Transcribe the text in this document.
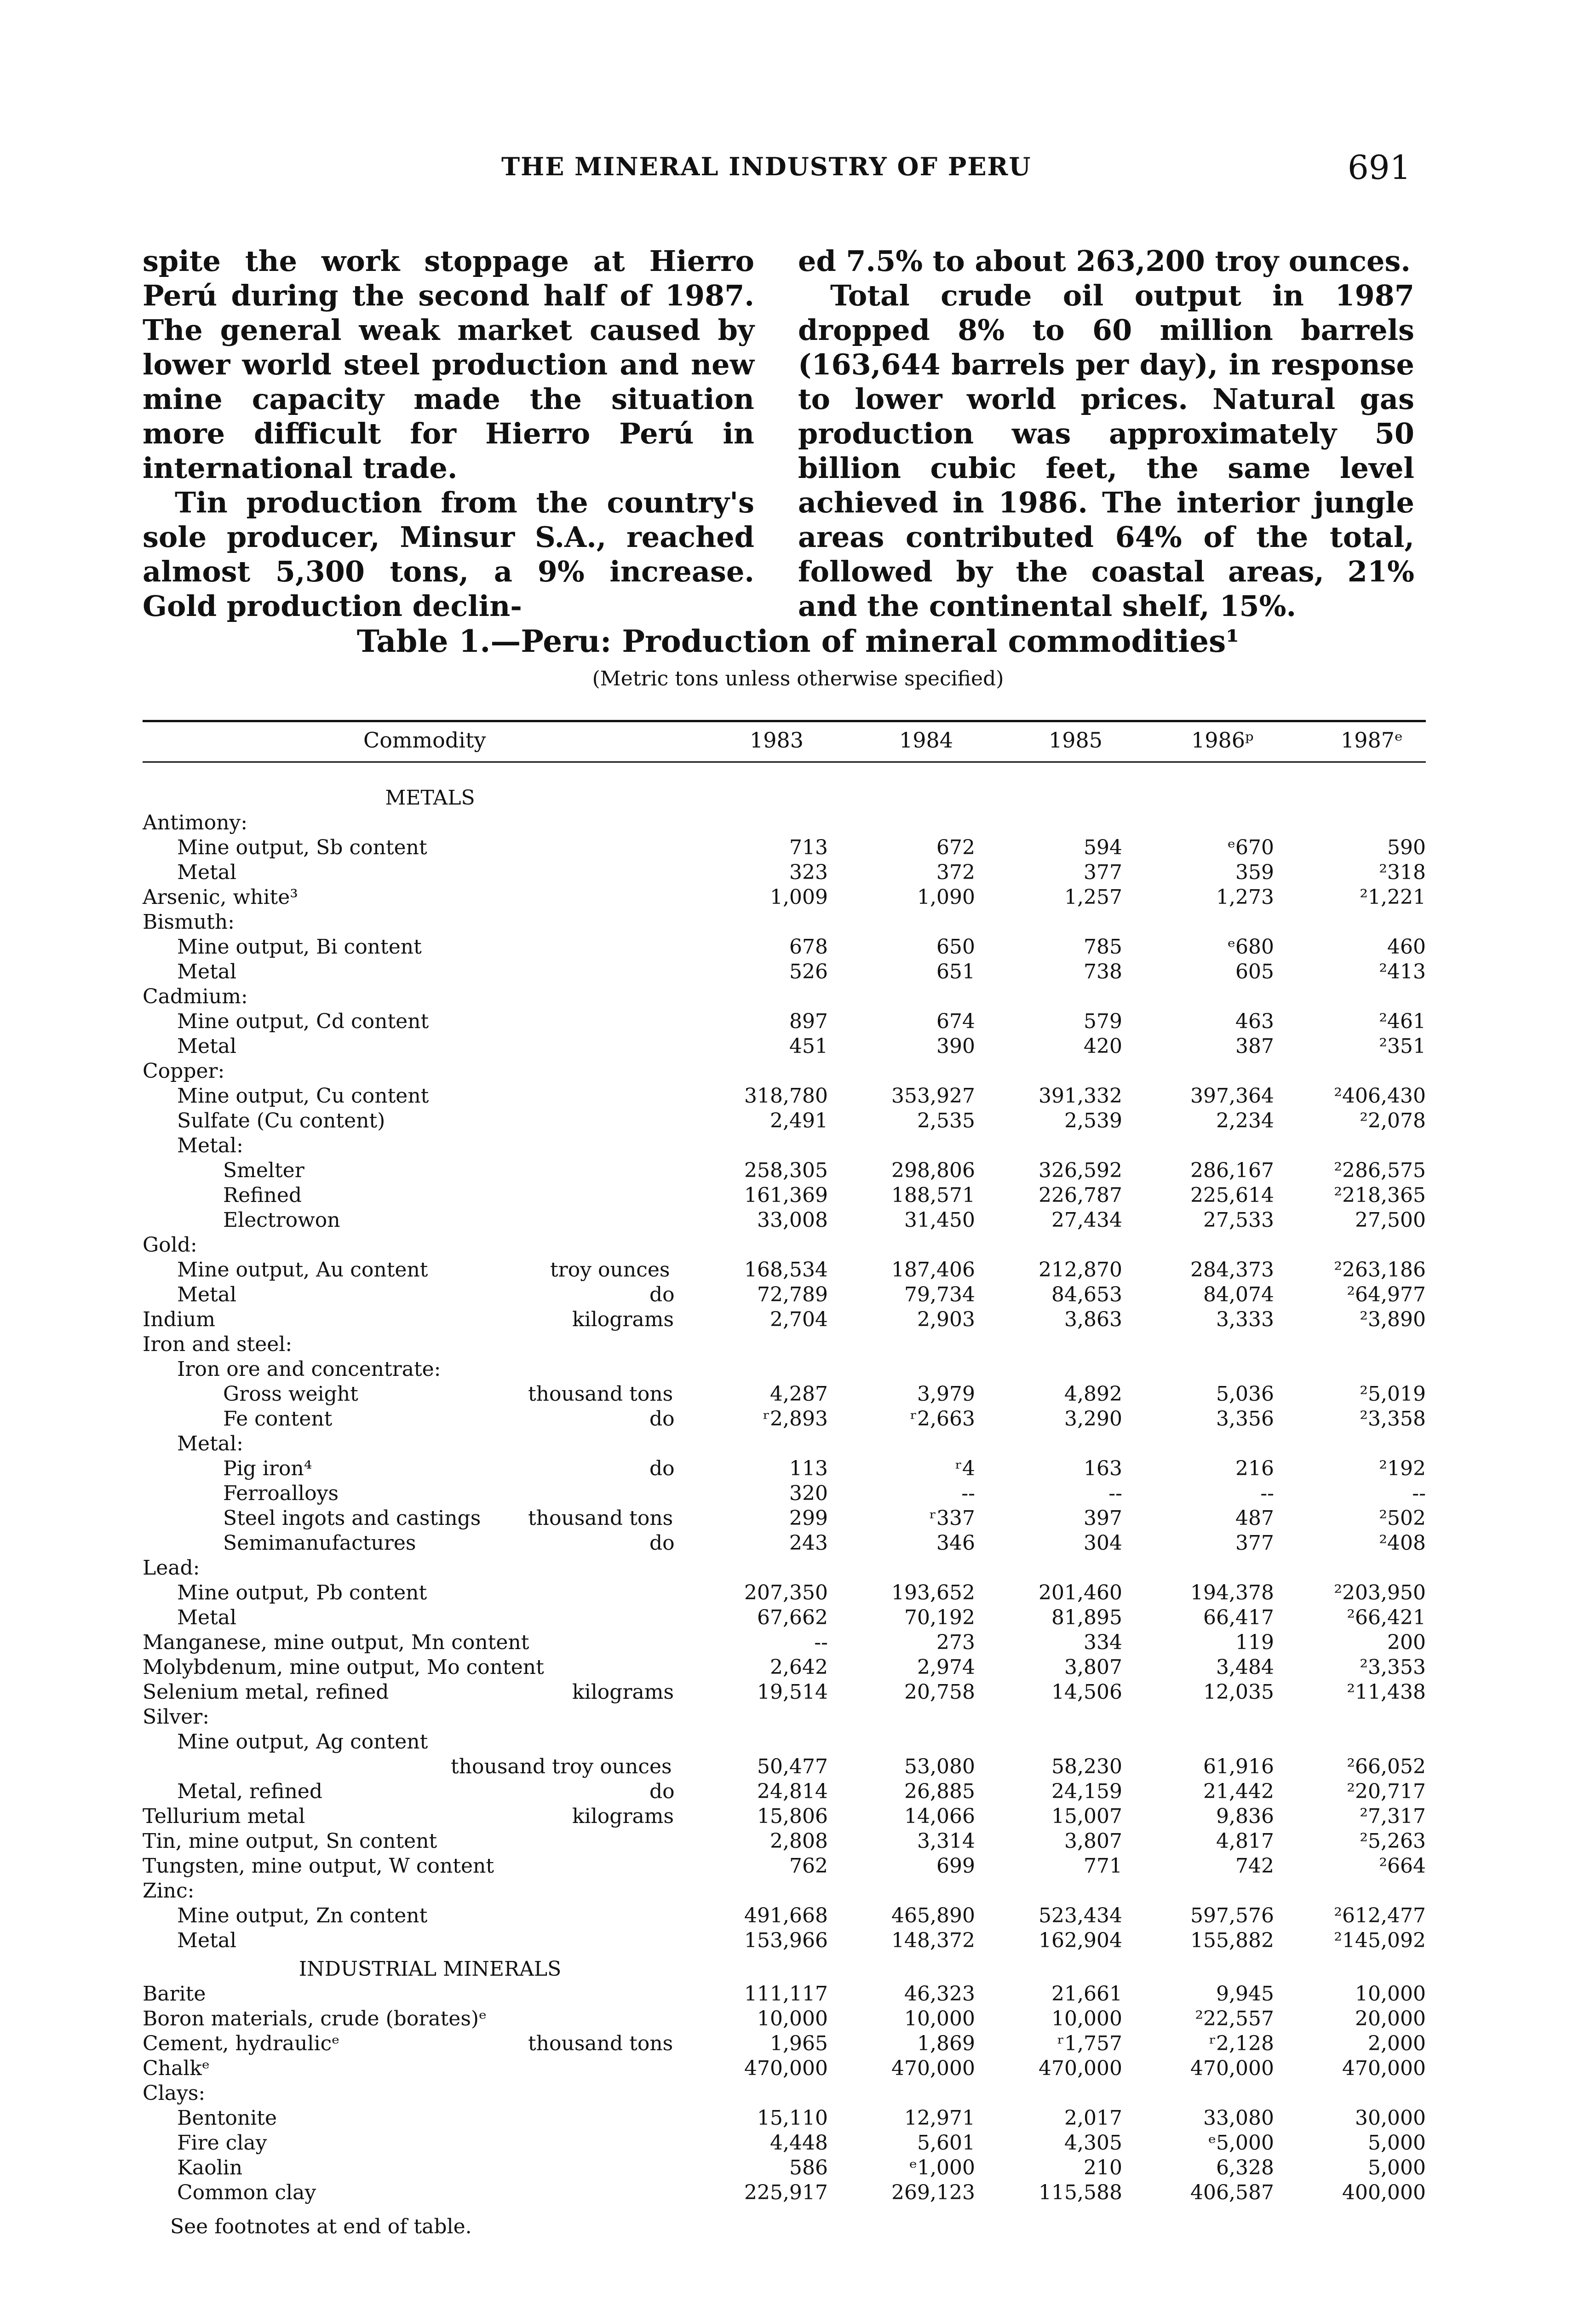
THE MINERAL INDUSTRY OF PERU	691

spite the work stoppage at Hierro Perú during the second half of 1987. The general weak market caused by lower world steel production and new mine capacity made the situation more difficult for Hierro Perú in international trade.

Tin production from the country's sole producer, Minsur S.A., reached almost 5,300 tons, a 9% increase. Gold production declin-

ed 7.5% to about 263,200 troy ounces.

Total crude oil output in 1987 dropped 8% to 60 million barrels (163,644 barrels per day), in response to lower world prices. Natural gas production was approximately 50 billion cubic feet, the same level achieved in 1986. The interior jungle areas contributed 64% of the total, followed by the coastal areas, 21% and the continental shelf, 15%.

Table 1.—Peru: Production of mineral commodities¹
(Metric tons unless otherwise specified)
Commodity	1983	1984	1985	1986ᵖ	1987ᵉ
METALS
Antimony:
Mine output, Sb content	713	672	594	ᵉ670	590
Metal	323	372	377	359	²318
Arsenic, white³	1,009	1,090	1,257	1,273	²1,221
Bismuth:
Mine output, Bi content	678	650	785	ᵉ680	460
Metal	526	651	738	605	²413
Cadmium:
Mine output, Cd content	897	674	579	463	²461
Metal	451	390	420	387	²351
Copper:
Mine output, Cu content	318,780	353,927	391,332	397,364	²406,430
Sulfate (Cu content)	2,491	2,535	2,539	2,234	²2,078
Metal:
Smelter	258,305	298,806	326,592	286,167	²286,575
Refined	161,369	188,571	226,787	225,614	²218,365
Electrowon	33,008	31,450	27,434	27,533	27,500
Gold:
Mine output, Au content	troy ounces	168,534	187,406	212,870	284,373	²263,186
Metal	do	72,789	79,734	84,653	84,074	²64,977
Indium	kilograms	2,704	2,903	3,863	3,333	²3,890
Iron and steel:
Iron ore and concentrate:
Gross weight	thousand tons	4,287	3,979	4,892	5,036	²5,019
Fe content	do	ʳ2,893	ʳ2,663	3,290	3,356	²3,358
Metal:
Pig iron⁴	do	113	ʳ4	163	216	²192
Ferroalloys	320	--	--	--	--
Steel ingots and castings thousand tons	299	ʳ337	397	487	²502
Semimanufactures	do	243	346	304	377	²408
Lead:
Mine output, Pb content	207,350	193,652	201,460	194,378	²203,950
Metal	67,662	70,192	81,895	66,417	²66,421
Manganese, mine output, Mn content	--	273	334	119	200
Molybdenum, mine output, Mo content	2,642	2,974	3,807	3,484	²3,353
Selenium metal, refined	kilograms	19,514	20,758	14,506	12,035	²11,438
Silver:
Mine output, Ag content
thousand troy ounces	50,477	53,080	58,230	61,916	²66,052
Metal, refined	do	24,814	26,885	24,159	21,442	²20,717
Tellurium metal	kilograms	15,806	14,066	15,007	9,836	²7,317
Tin, mine output, Sn content	2,808	3,314	3,807	4,817	²5,263
Tungsten, mine output, W content	762	699	771	742	²664
Zinc:
Mine output, Zn content	491,668	465,890	523,434	597,576	²612,477
Metal	153,966	148,372	162,904	155,882	²145,092
INDUSTRIAL MINERALS
Barite	111,117	46,323	21,661	9,945	10,000
Boron materials, crude (borates)ᵉ	10,000	10,000	10,000	²22,557	20,000
Cement, hydraulicᵉ	thousand tons	1,965	1,869	ʳ1,757	ʳ2,128	2,000
Chalkᵉ	470,000	470,000	470,000	470,000	470,000
Clays:
Bentonite	15,110	12,971	2,017	33,080	30,000
Fire clay	4,448	5,601	4,305	ᵉ5,000	5,000
Kaolin	586	ᵉ1,000	210	6,328	5,000
Common clay	225,917	269,123	115,588	406,587	400,000
See footnotes at end of table.
